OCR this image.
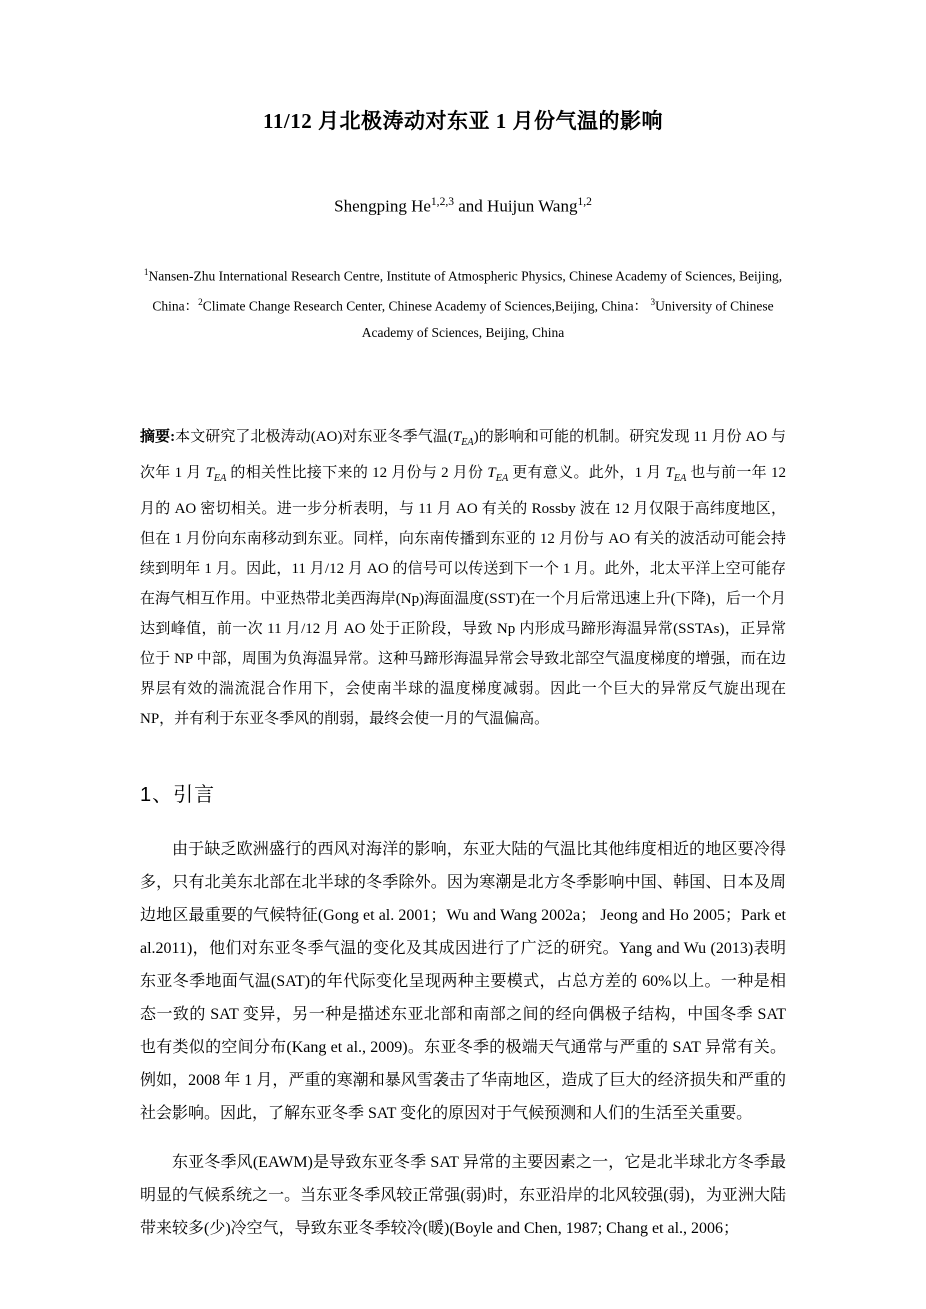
11/12 月北极涛动对东亚 1 月份气温的影响
Shengping He$^{1,2,3}$ and Huijun Wang$^{1,2}$
$^1$Nansen-Zhu International Research Centre, Institute of Atmospheric Physics, Chinese Academy of Sciences, Beijing, China：$^2$Climate Change Research Center, Chinese Academy of Sciences,Beijing, China： $^3$University of Chinese Academy of Sciences, Beijing, China

摘要:本文研究了北极涛动(AO)对东亚冬季气温$(T_{EA})$的影响和可能的机制。研究发现 11 月份 AO 与次年 1 月 $T_{EA}$ 的相关性比接下来的 12 月份与 2 月份 $T_{EA}$ 更有意义。此外，1 月 $T_{EA}$ 也与前一年 12 月的 AO 密切相关。进一步分析表明，与 11 月 AO 有关的 Rossby 波在 12 月仅限于高纬度地区，但在 1 月份向东南移动到东亚。同样，向东南传播到东亚的 12 月份与 AO 有关的波活动可能会持续到明年 1 月。因此，11 月/12 月 AO 的信号可以传送到下一个 1 月。此外，北太平洋上空可能存在海气相互作用。中亚热带北美西海岸(Np)海面温度(SST)在一个月后常迅速上升(下降)，后一个月达到峰值，前一次 11 月/12 月 AO 处于正阶段，导致 Np 内形成马蹄形海温异常(SSTAs)，正异常位于 NP 中部，周围为负海温异常。这种马蹄形海温异常会导致北部空气温度梯度的增强，而在边界层有效的湍流混合作用下，会使南半球的温度梯度减弱。因此一个巨大的异常反气旋出现在 NP，并有利于东亚冬季风的削弱，最终会使一月的气温偏高。

1、引言

由于缺乏欧洲盛行的西风对海洋的影响，东亚大陆的气温比其他纬度相近的地区要冷得多，只有北美东北部在北半球的冬季除外。因为寒潮是北方冬季影响中国、韩国、日本及周边地区最重要的气候特征(Gong et al. 2001；Wu and Wang 2002a； Jeong and Ho 2005；Park et al.2011)，他们对东亚冬季气温的变化及其成因进行了广泛的研究。Yang and Wu (2013)表明东亚冬季地面气温(SAT)的年代际变化呈现两种主要模式，占总方差的 60%以上。一种是相态一致的 SAT 变异，另一种是描述东亚北部和南部之间的经向偶极子结构，中国冬季 SAT 也有类似的空间分布(Kang et al., 2009)。东亚冬季的极端天气通常与严重的 SAT 异常有关。例如，2008 年 1 月，严重的寒潮和暴风雪袭击了华南地区，造成了巨大的经济损失和严重的社会影响。因此，了解东亚冬季 SAT 变化的原因对于气候预测和人们的生活至关重要。

东亚冬季风(EAWM)是导致东亚冬季 SAT 异常的主要因素之一，它是北半球北方冬季最明显的气候系统之一。当东亚冬季风较正常强(弱)时，东亚沿岸的北风较强(弱)，为亚洲大陆带来较多(少)冷空气，导致东亚冬季较冷(暖)(Boyle and Chen, 1987; Chang et al., 2006；
